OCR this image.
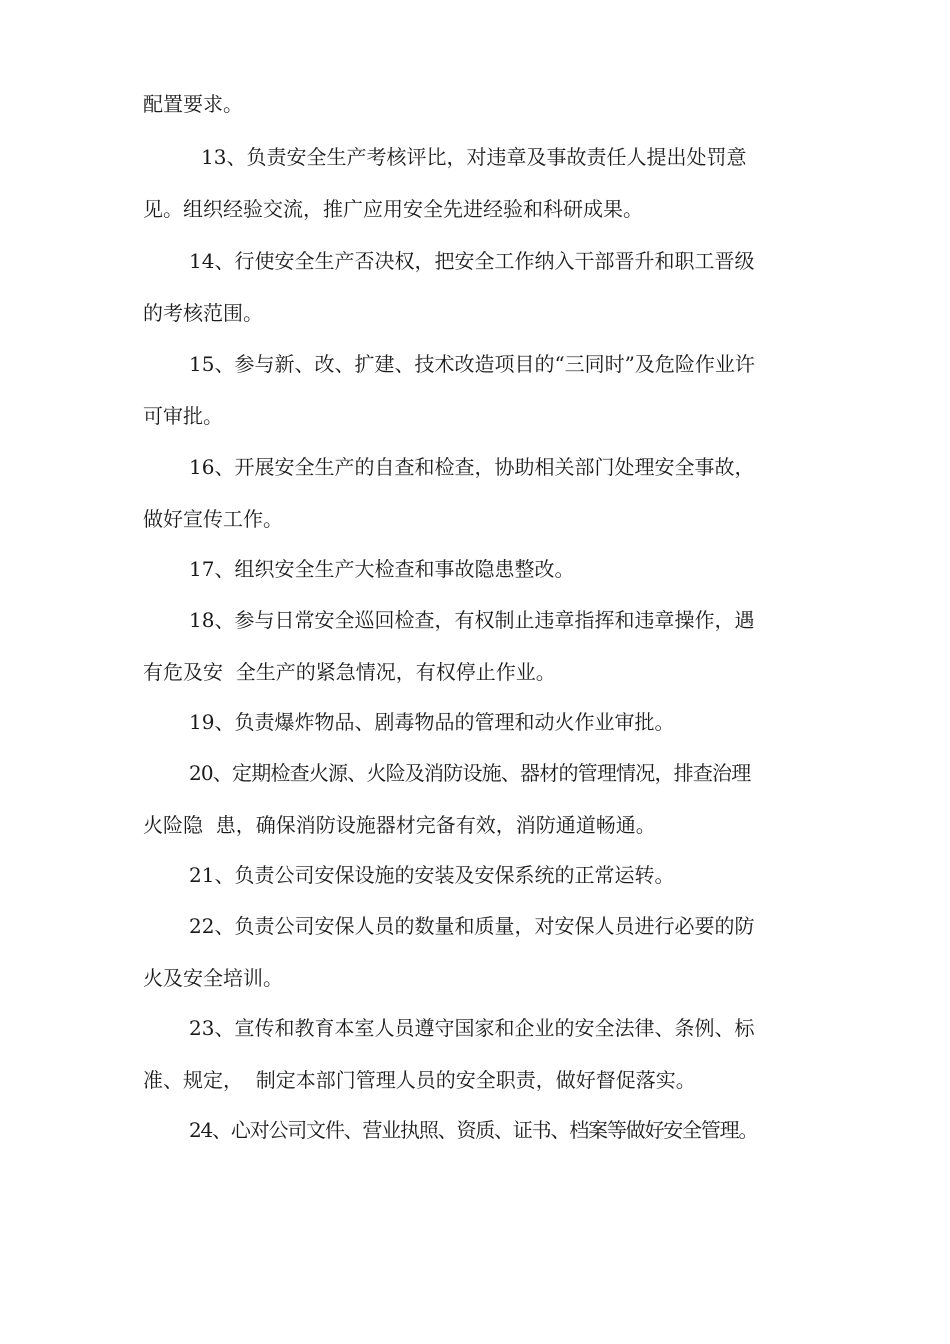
配置要求。

13、负责安全生产考核评比，对违章及事故责任人提出处罚意
见。组织经验交流，推广应用安全先进经验和科研成果。

14、行使安全生产否决权，把安全工作纳入干部晋升和职工晋级
的考核范围。

15、参与新、改、扩建、技术改造项目的“三同时”及危险作业许
可审批。

16、开展安全生产的自查和检查，协助相关部门处理安全事故，
做好宣传工作。

17、组织安全生产大检查和事故隐患整改。

18、参与日常安全巡回检查，有权制止违章指挥和违章操作，遇
有危及安  全生产的紧急情况，有权停止作业。

19、负责爆炸物品、剧毒物品的管理和动火作业审批。

20、定期检查火源、火险及消防设施、器材的管理情况，排查治理
火险隐  患，确保消防设施器材完备有效，消防通道畅通。

21、负责公司安保设施的安装及安保系统的正常运转。

22、负责公司安保人员的数量和质量，对安保人员进行必要的防
火及安全培训。

23、宣传和教育本室人员遵守国家和企业的安全法律、条例、标
准、规定，  制定本部门管理人员的安全职责，做好督促落实。

24、心对公司文件、营业执照、资质、证书、档案等做好安全管理。
